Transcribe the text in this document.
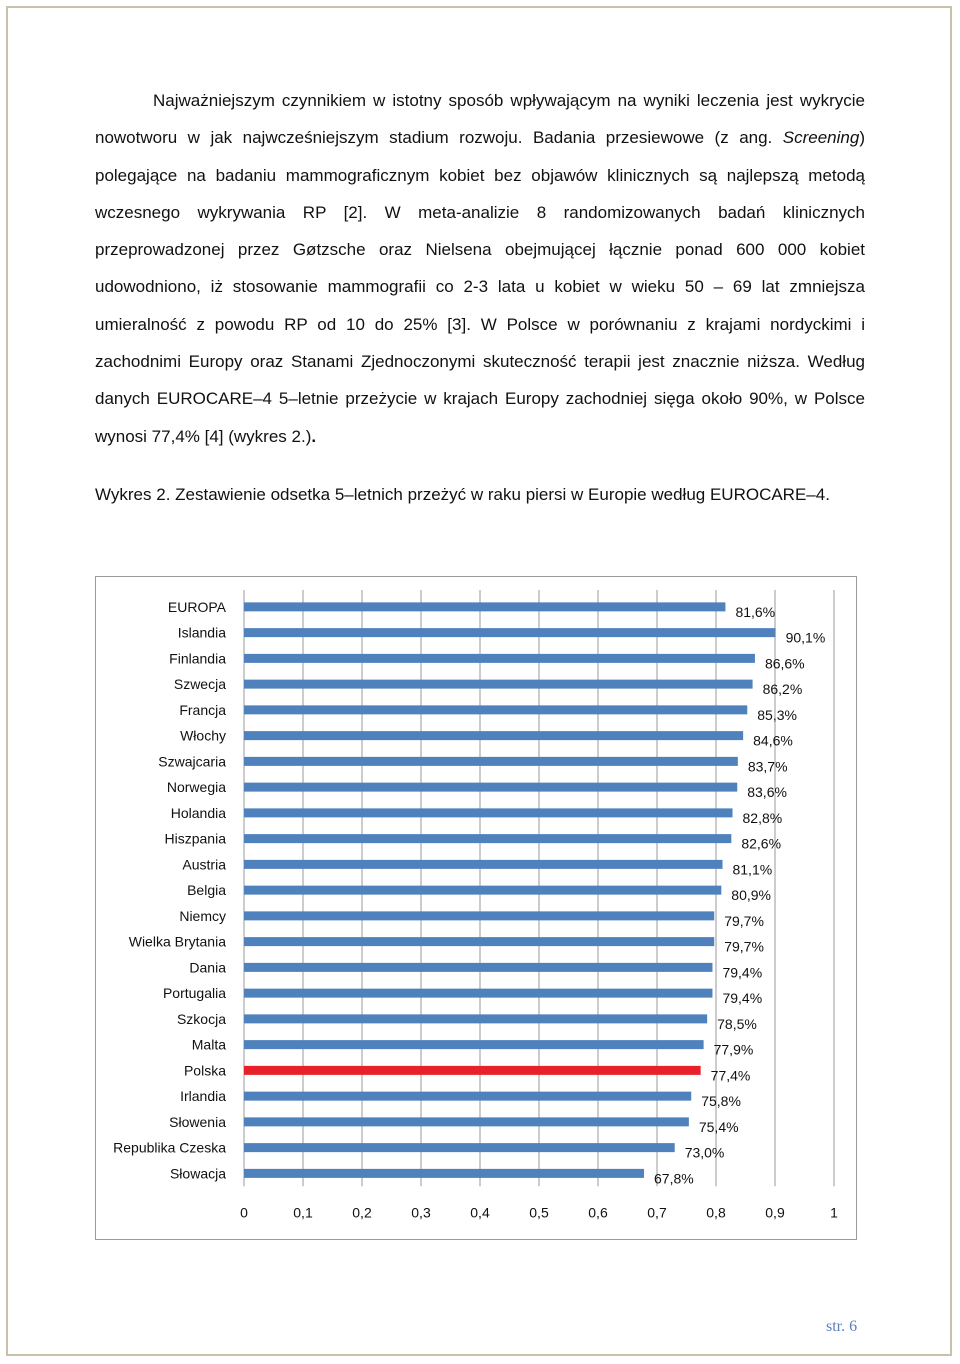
Najważniejszym czynnikiem w istotny sposób wpływającym na wyniki leczenia jest wykrycie nowotworu w jak najwcześniejszym stadium rozwoju. Badania przesiewowe (z ang. Screening) polegające na badaniu mammograficznym kobiet bez objawów klinicznych są najlepszą metodą wczesnego wykrywania RP [2]. W meta-analizie 8 randomizowanych badań klinicznych przeprowadzonej przez Gøtzsche oraz Nielsena obejmującej łącznie ponad 600 000 kobiet udowodniono, iż stosowanie mammografii co 2-3 lata u kobiet w wieku 50 – 69 lat zmniejsza umieralność z powodu RP od 10 do 25% [3]. W Polsce w porównaniu z krajami nordyckimi i zachodnimi Europy oraz Stanami Zjednoczonymi skuteczność terapii jest znacznie niższa. Według danych EUROCARE–4 5–letnie przeżycie w krajach Europy zachodniej sięga około 90%, w Polsce wynosi 77,4% [4] (wykres 2.).

Wykres 2. Zestawienie odsetka 5–letnich przeżyć w raku piersi w Europie według EUROCARE–4.

0	0,1	0,2	0,3	0,4	0,5	0,6	0,7	0,8	0,9	1
EUROPA	81,6%
Islandia	90,1%
Finlandia	86,6%
Szwecja	86,2%
Francja	85,3%
Włochy	84,6%
Szwajcaria	83,7%
Norwegia	83,6%
Holandia	82,8%
Hiszpania	82,6%
Austria	81,1%
Belgia	80,9%
Niemcy	79,7%
Wielka Brytania	79,7%
Dania	79,4%
Portugalia	79,4%
Szkocja	78,5%
Malta	77,9%
Polska	77,4%
Irlandia	75,8%
Słowenia	75,4%
Republika Czeska	73,0%
Słowacja	67,8%
str. 6
